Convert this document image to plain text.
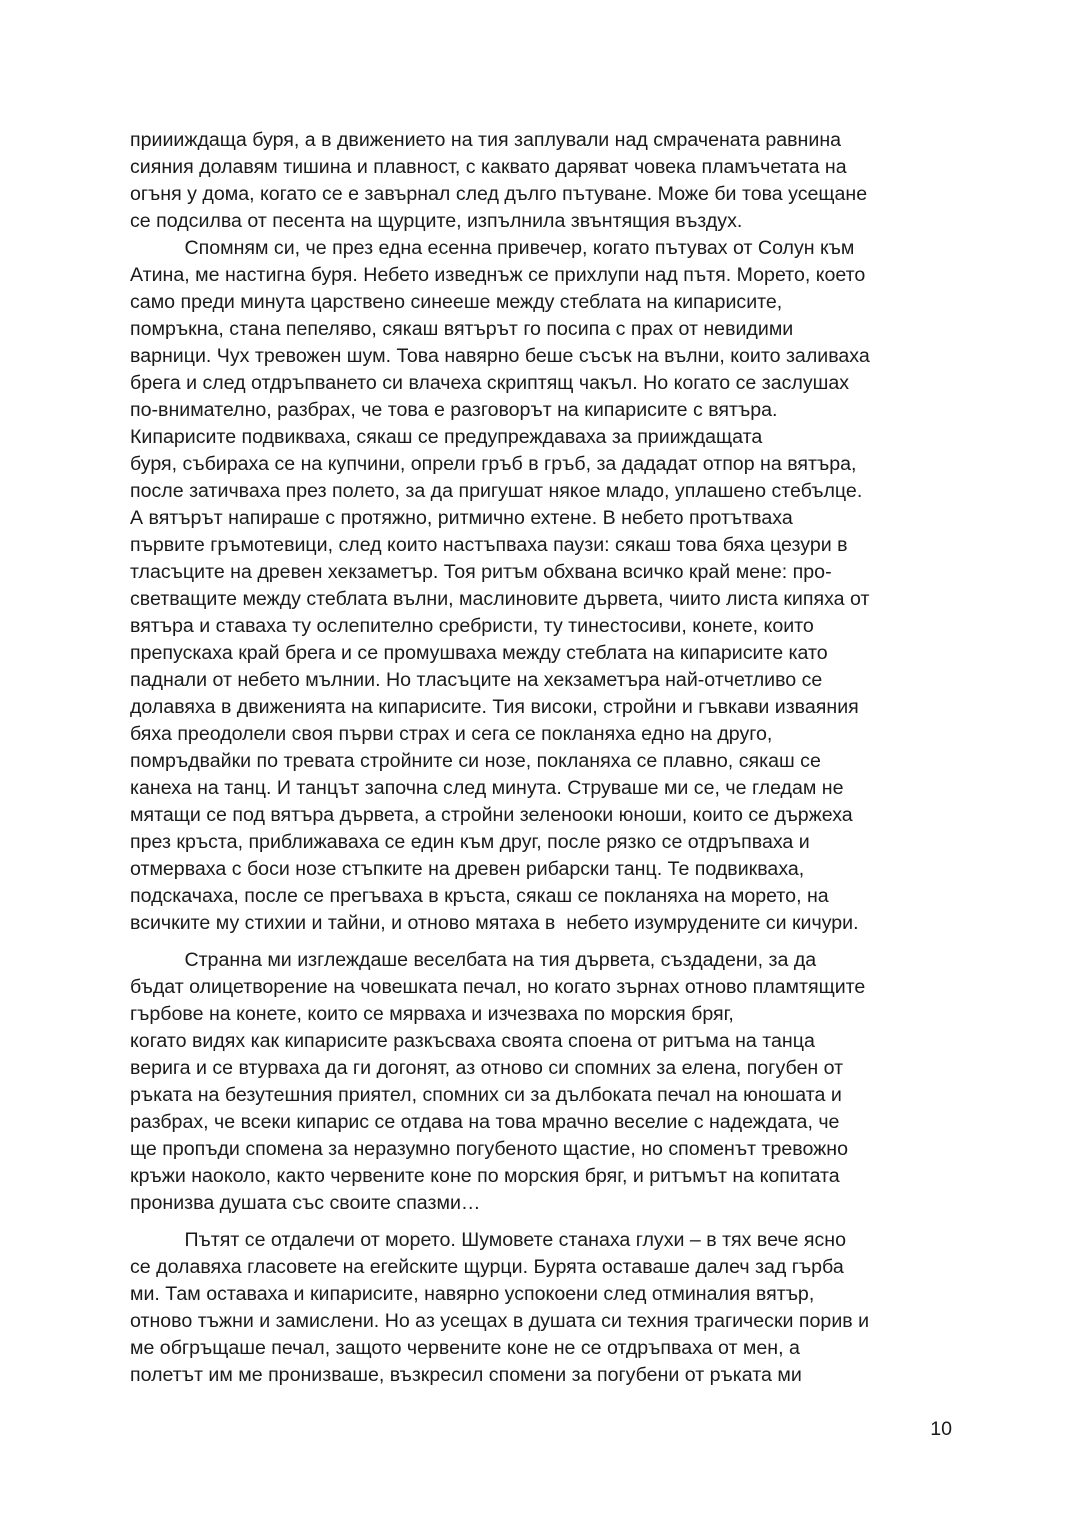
приииждаща буря, а в движението на тия заплували над смрачената равнина
сияния долавям тишина и плавност, с каквато даряват човека пламъчетата на
огъня у дома, когато се е завърнал след дълго пътуване. Може би това усещане
се подсилва от песента на щурците, изпълнила звънтящия въздух.

Спомням си, че през една есенна привечер, когато пътувах от Солун към
Атина, ме настигна буря. Небето изведнъж се прихлупи над пътя. Морето, което
само преди минута царствено синееше между стеблата на кипарисите,
помръкна, стана пепеляво, сякаш вятърът го посипа с прах от невидими
варници. Чух тревожен шум. Това навярно беше съсък на вълни, които заливаха
брега и след отдръпването си влачеха скриптящ чакъл. Но когато се заслушах
по-внимателно, разбрах, че това е разговорът на кипарисите с вятъра.
Кипарисите подвикваха, сякаш се предупреждаваха за прииждащата
буря, събираха се на купчини, опрели гръб в гръб, за дададат отпор на вятъра,
после затичваха през полето, за да пригушат някое младо, уплашено стебълце.
А вятърът напираше с протяжно, ритмично ехтене. В небето протътваха
първите гръмотевици, след които настъпваха паузи: сякаш това бяха цезури в
тласъците на древен хекзаметър. Тоя ритъм обхвана всичко край мене: про-
светващите между стеблата вълни, маслиновите дървета, чиито листа кипяха от
вятъра и ставаха ту ослепително сребристи, ту тинестосиви, конете, които
препускаха край брега и се промушваха между стеблата на кипарисите като
паднали от небето мълнии. Но тласъците на хекзаметъра най-отчетливо се
долавяха в движенията на кипарисите. Тия високи, стройни и гъвкави изваяния
бяха преодолели своя първи страх и сега се покланяха едно на друго,
помръдвайки по тревата стройните си нозе, покланяха се плавно, сякаш се
канеха на танц. И танцът започна след минута. Струваше ми се, че гледам не
мятащи се под вятъра дървета, а стройни зеленооки юноши, които се държеха
през кръста, приближаваха се един към друг, после рязко се отдръпваха и
отмерваха с боси нозе стъпките на древен рибарски танц. Те подвикваха,
подскачаха, после се прегъваха в кръста, сякаш се покланяха на морето, на
всичките му стихии и тайни, и отново мятаха в  небето изумрудените си кичури.

Странна ми изглеждаше веселбата на тия дървета, създадени, за да
бъдат олицетворение на човешката печал, но когато зърнах отново пламтящите
гърбове на конете, които се мярваха и изчезваха по морския бряг,
когато видях как кипарисите разкъсваха своята споена от ритъма на танца
верига и се втурваха да ги догонят, аз отново си спомних за елена, погубен от
ръката на безутешния приятел, спомних си за дълбоката печал на юношата и
разбрах, че всеки кипарис се отдава на това мрачно веселие с надеждата, че
ще пропъди спомена за неразумно погубеното щастие, но споменът тревожно
кръжи наоколо, както червените коне по морския бряг, и ритъмът на копитата
пронизва душата със своите спазми…

Пътят се отдалечи от морето. Шумовете станаха глухи – в тях вече ясно
се долавяха гласовете на егейските щурци. Бурята оставаше далеч зад гърба
ми. Там оставаха и кипарисите, навярно успокоени след отминалия вятър,
отново тъжни и замислени. Но аз усещах в душата си техния трагически порив и
ме обгръщаше печал, защото червените коне не се отдръпваха от мен, а
полетът им ме пронизваше, възкресил спомени за погубени от ръката ми

10
